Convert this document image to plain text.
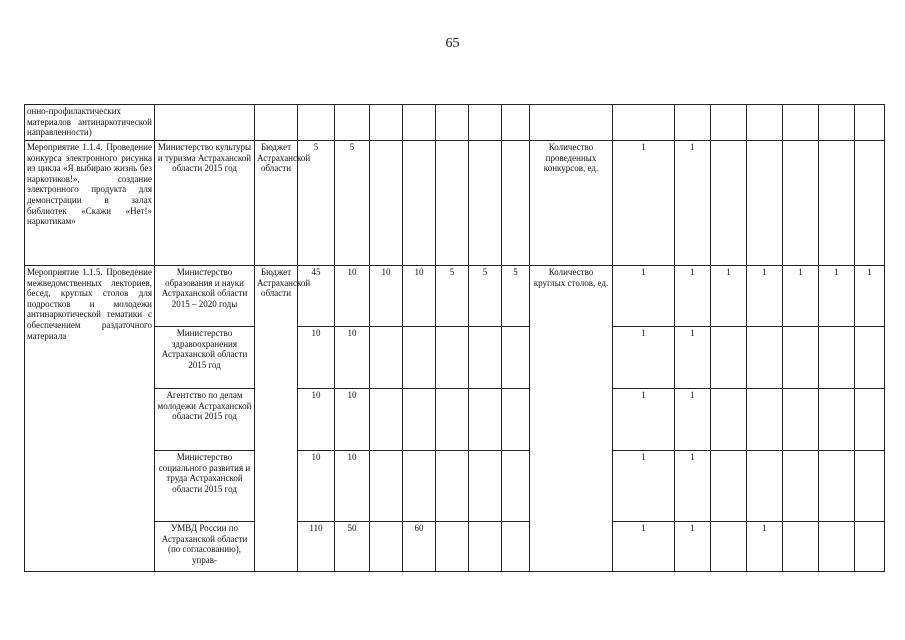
65
онно-профилактических материалов антинаркотической направленности)																	
Мероприятие 1.1.4. Проведение конкурса электронного рисунка из цикла «Я выбираю жизнь без наркотиков!», создание электронного продукта для демонстрации в залах библиотек «Скажи «Нет!» наркотикам»	Министерство культуры и туризма Астраханской области 2015 год	Бюджет Астраханской области	5	5						Количество проведенных конкурсов, ед.	1	1					
Мероприятие 1.1.5. Проведение межведомственных лекториев, бесед, круглых столов для подростков и молодежи антинаркотической тематики с обеспечением раздаточного материала	Министерство образования и науки Астраханской области 2015 – 2020 годы	Бюджет Астраханской области	45	10	10	10	5	5	5	Количество круглых столов, ед.	1	1	1	1	1	1	1
	Министерство здравоохранения Астраханской области 2015 год		10	10							1	1					
	Агентство по делам молодежи Астраханской области 2015 год		10	10							1	1					
	Министерство социального развития и труда Астраханской области 2015 год		10	10							1	1					
	УМВД России по Астраханской области (по согласованию), управ-		110	50		60					1	1		1			
